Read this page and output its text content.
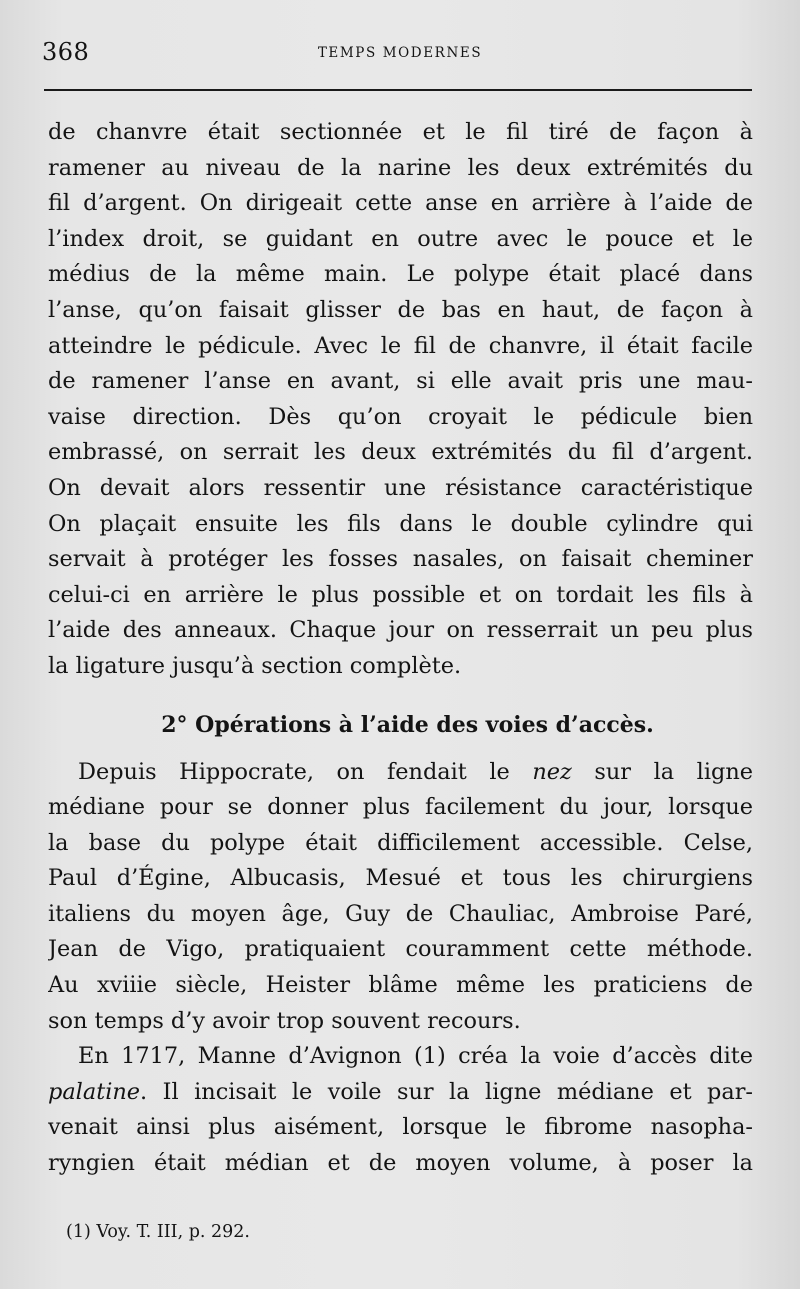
368	TEMPS MODERNES
de chanvre était sectionnée et le fil tiré de façon à
ramener au niveau de la narine les deux extrémités du
fil d’argent. On dirigeait cette anse en arrière à l’aide de
l’index droit, se guidant en outre avec le pouce et le
médius de la même main. Le polype était placé dans
l’anse, qu’on faisait glisser de bas en haut, de façon à
atteindre le pédicule. Avec le fil de chanvre, il était facile
de ramener l’anse en avant, si elle avait pris une mau-
vaise direction. Dès qu’on croyait le pédicule bien
embrassé, on serrait les deux extrémités du fil d’argent.
On devait alors ressentir une résistance caractéristique
On plaçait ensuite les fils dans le double cylindre qui
servait à protéger les fosses nasales, on faisait cheminer
celui-ci en arrière le plus possible et on tordait les fils à
l’aide des anneaux. Chaque jour on resserrait un peu plus
la ligature jusqu’à section complète.
2° Opérations à l’aide des voies d’accès.
Depuis Hippocrate, on fendait le nez sur la ligne
médiane pour se donner plus facilement du jour, lorsque
la base du polype était difficilement accessible. Celse,
Paul d’Égine, Albucasis, Mesué et tous les chirurgiens
italiens du moyen âge, Guy de Chauliac, Ambroise Paré,
Jean de Vigo, pratiquaient couramment cette méthode.
Au xviiie siècle, Heister blâme même les praticiens de
son temps d’y avoir trop souvent recours.
En 1717, Manne d’Avignon (1) créa la voie d’accès dite
palatine. Il incisait le voile sur la ligne médiane et par-
venait ainsi plus aisément, lorsque le fibrome nasopha-
ryngien était médian et de moyen volume, à poser la
(1) Voy. T. III, p. 292.
